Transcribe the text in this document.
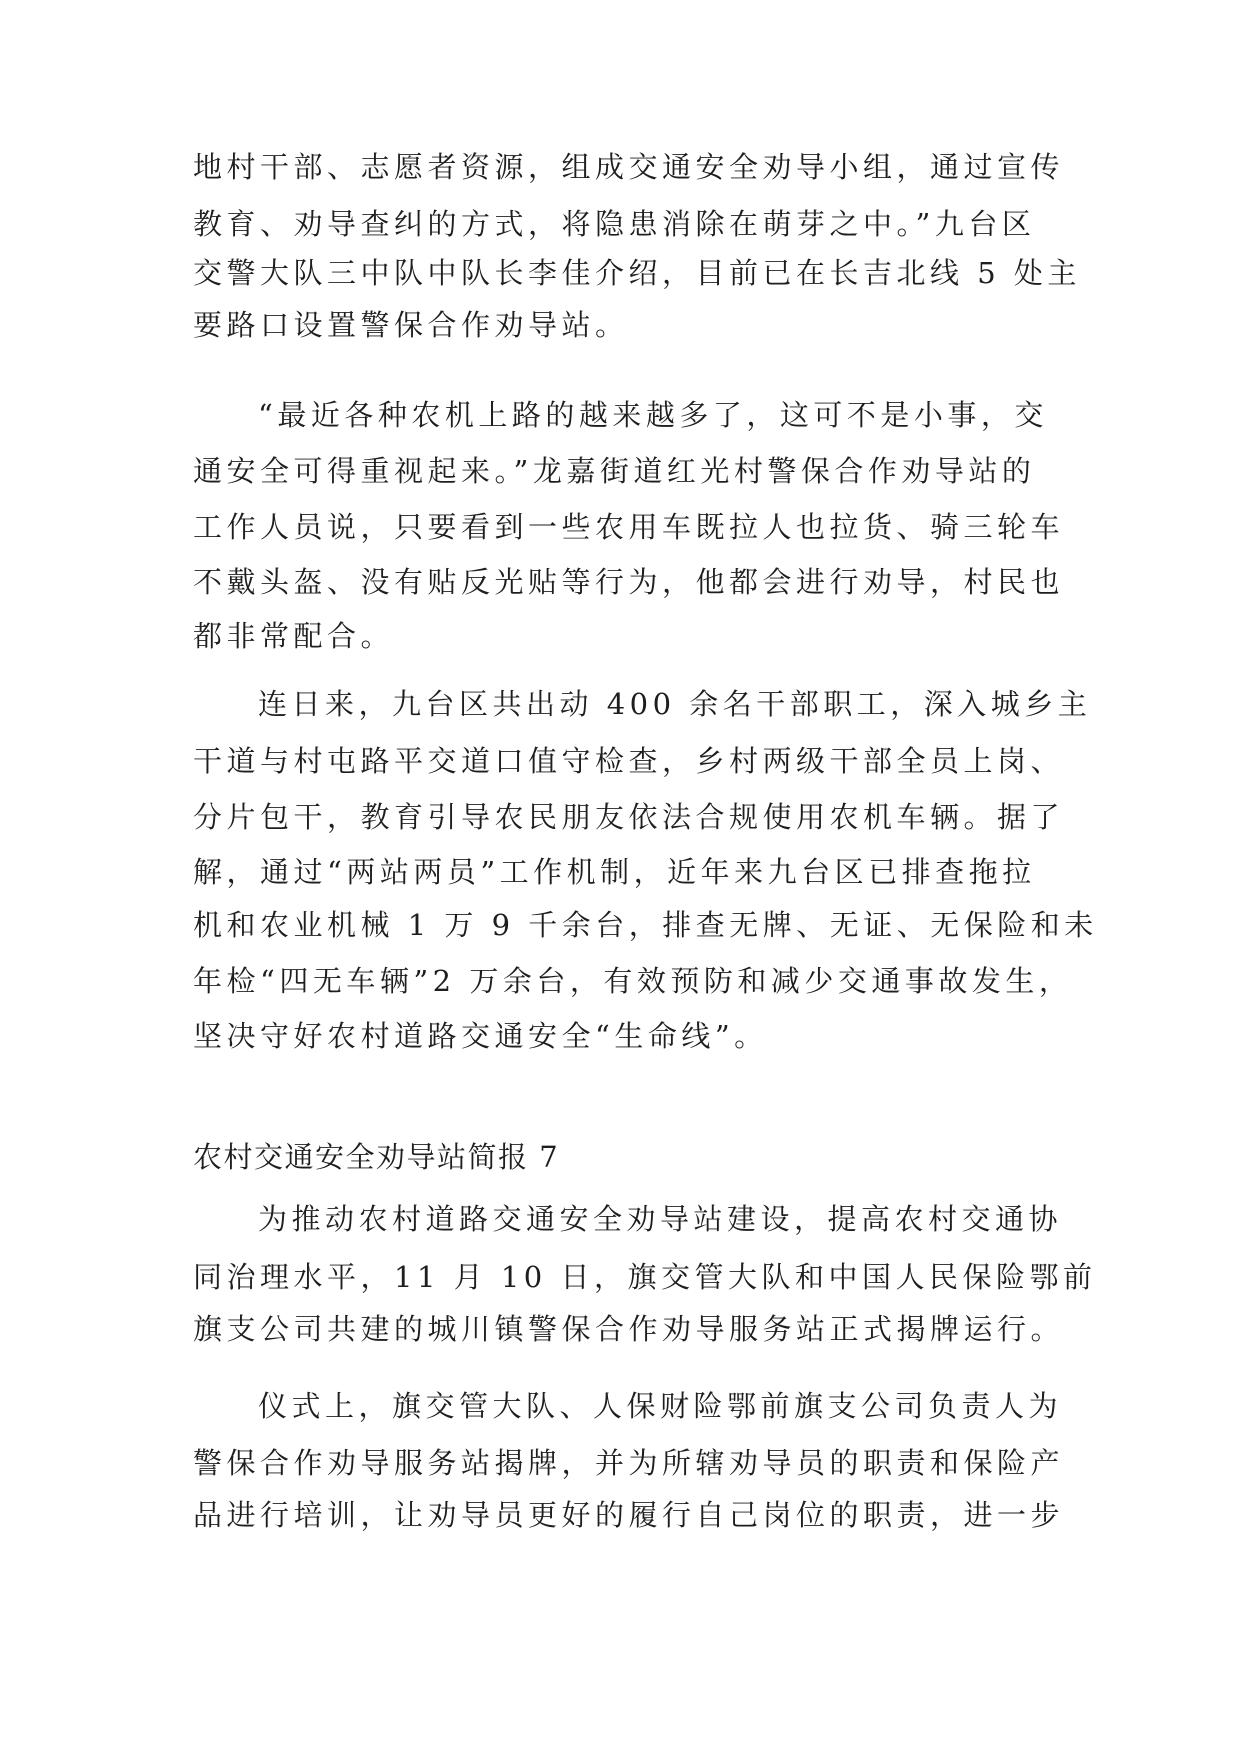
地村干部、志愿者资源，组成交通安全劝导小组，通过宣传
教育、劝导查纠的方式，将隐患消除在萌芽之中。”九台区
交警大队三中队中队长李佳介绍，目前已在长吉北线 5 处主
要路口设置警保合作劝导站。
“最近各种农机上路的越来越多了，这可不是小事，交
通安全可得重视起来。”龙嘉街道红光村警保合作劝导站的
工作人员说，只要看到一些农用车既拉人也拉货、骑三轮车
不戴头盔、没有贴反光贴等行为，他都会进行劝导，村民也
都非常配合。
连日来，九台区共出动 400 余名干部职工，深入城乡主
干道与村屯路平交道口值守检查，乡村两级干部全员上岗、
分片包干，教育引导农民朋友依法合规使用农机车辆。据了
解，通过“两站两员”工作机制，近年来九台区已排查拖拉
机和农业机械 1 万 9 千余台，排查无牌、无证、无保险和未
年检“四无车辆”2 万余台，有效预防和减少交通事故发生，
坚决守好农村道路交通安全“生命线”。
农村交通安全劝导站简报 7
为推动农村道路交通安全劝导站建设，提高农村交通协
同治理水平，11 月 10 日，旗交管大队和中国人民保险鄂前
旗支公司共建的城川镇警保合作劝导服务站正式揭牌运行。
仪式上，旗交管大队、人保财险鄂前旗支公司负责人为
警保合作劝导服务站揭牌，并为所辖劝导员的职责和保险产
品进行培训，让劝导员更好的履行自己岗位的职责，进一步
